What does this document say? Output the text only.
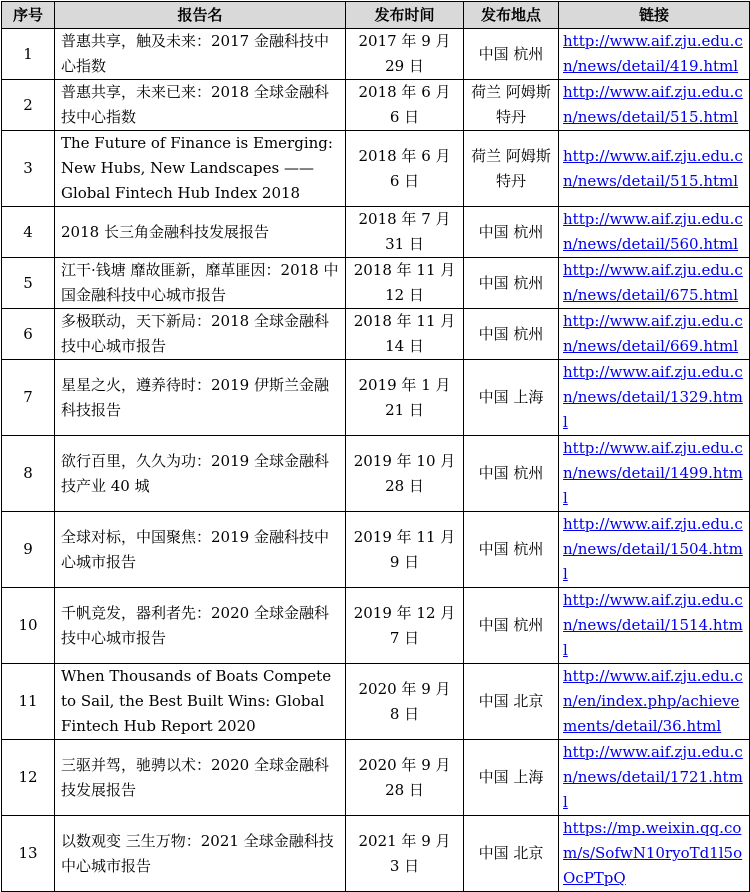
序号	报告名	发布时间	发布地点	链接
1	普惠共享，触及未来：2017 金融科技中心指数	2017 年 9 月 29 日	中国 杭州	http://www.aif.zju.edu.cn/news/detail/419.html
2	普惠共享，未来已来：2018 全球金融科技中心指数	2018 年 6 月 6 日	荷兰 阿姆斯特丹	http://www.aif.zju.edu.cn/news/detail/515.html
3	The Future of Finance is Emerging: New Hubs, New Landscapes —— Global Fintech Hub Index 2018	2018 年 6 月 6 日	荷兰 阿姆斯特丹	http://www.aif.zju.edu.cn/news/detail/515.html
4	2018 长三角金融科技发展报告	2018 年 7 月 31 日	中国 杭州	http://www.aif.zju.edu.cn/news/detail/560.html
5	江干·钱塘 靡故匪新，靡革匪因：2018 中国金融科技中心城市报告	2018 年 11 月 12 日	中国 杭州	http://www.aif.zju.edu.cn/news/detail/675.html
6	多极联动，天下新局：2018 全球金融科技中心城市报告	2018 年 11 月 14 日	中国 杭州	http://www.aif.zju.edu.cn/news/detail/669.html
7	星星之火，遵养待时：2019 伊斯兰金融科技报告	2019 年 1 月 21 日	中国 上海	http://www.aif.zju.edu.cn/news/detail/1329.html
8	欲行百里，久久为功：2019 全球金融科技产业 40 城	2019 年 10 月 28 日	中国 杭州	http://www.aif.zju.edu.cn/news/detail/1499.html
9	全球对标，中国聚焦：2019 金融科技中心城市报告	2019 年 11 月 9 日	中国 杭州	http://www.aif.zju.edu.cn/news/detail/1504.html
10	千帆竞发，器利者先：2020 全球金融科技中心城市报告	2019 年 12 月 7 日	中国 杭州	http://www.aif.zju.edu.cn/news/detail/1514.html
11	When Thousands of Boats Compete to Sail, the Best Built Wins: Global Fintech Hub Report 2020	2020 年 9 月 8 日	中国 北京	http://www.aif.zju.edu.cn/en/index.php/achievements/detail/36.html
12	三驱并驾，驰骋以术：2020 全球金融科技发展报告	2020 年 9 月 28 日	中国 上海	http://www.aif.zju.edu.cn/news/detail/1721.html
13	以数观变 三生万物：2021 全球金融科技中心城市报告	2021 年 9 月 3 日	中国 北京	https://mp.weixin.qq.com/s/SofwN10ryoTd1l5oOcPTpQ
